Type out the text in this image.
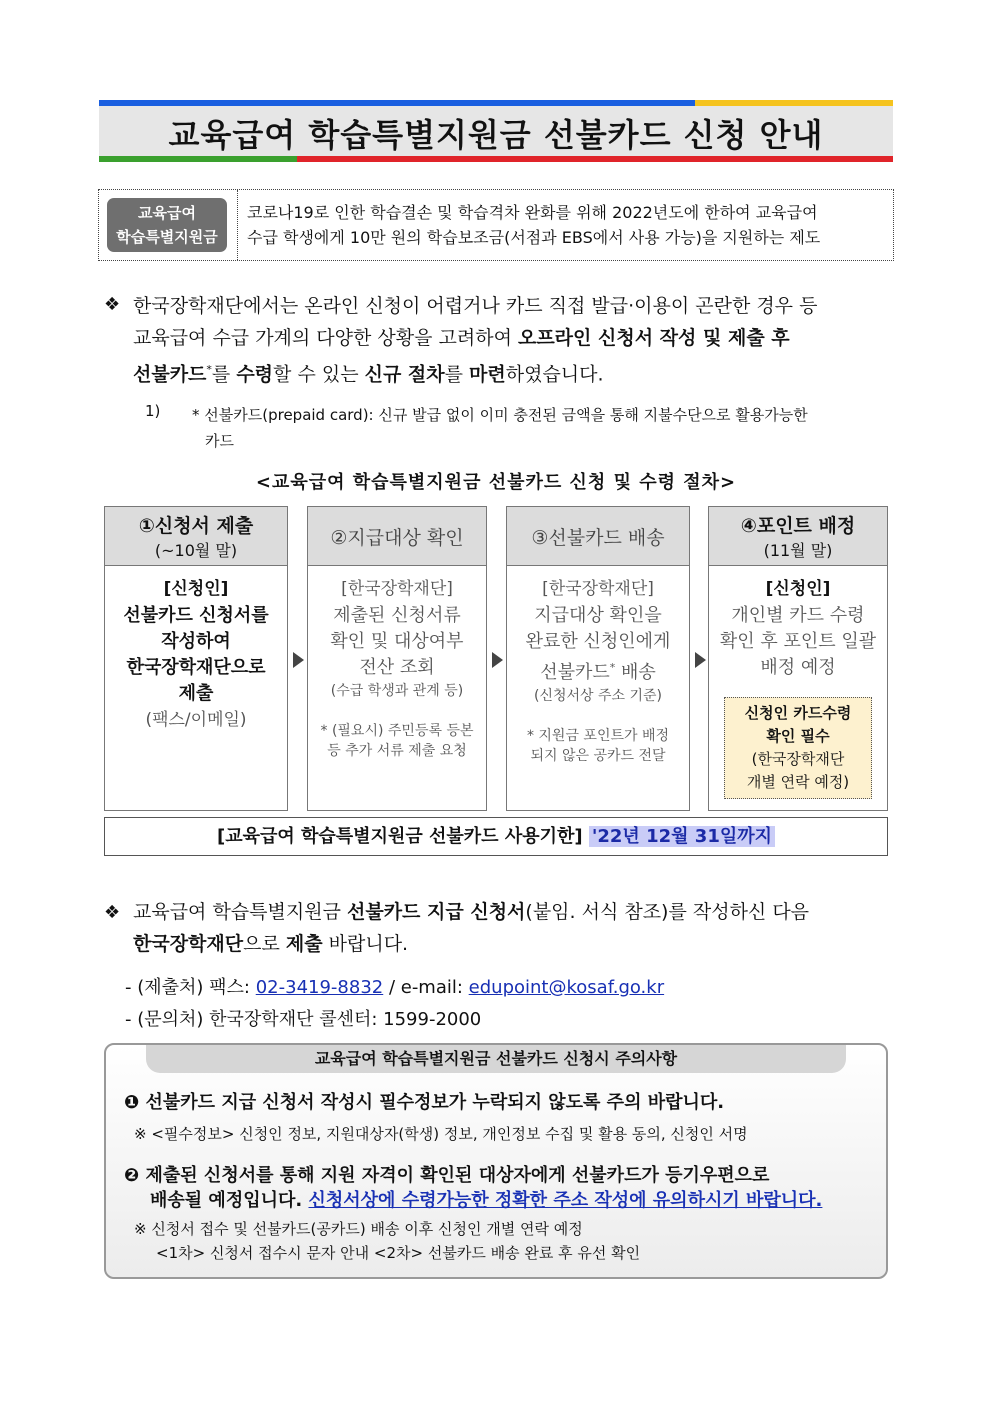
교육급여 학습특별지원금 선불카드 신청 안내
교육급여
학습특별지원금
코로나19로 인한 학습결손 및 학습격차 완화를 위해 2022년도에 한하여 교육급여
수급 학생에게 10만 원의 학습보조금(서점과 EBS에서 사용 가능)을 지원하는 제도
❖ 한국장학재단에서는 온라인 신청이 어렵거나 카드 직접 발급·이용이 곤란한 경우 등
교육급여 수급 가계의 다양한 상황을 고려하여 오프라인 신청서 작성 및 제출 후
선불카드*를 수령할 수 있는 신규 절차를 마련하였습니다.
1) * 선불카드(prepaid card): 신규 발급 없이 이미 충전된 금액을 통해 지불수단으로 활용가능한
카드
<교육급여 학습특별지원금 선불카드 신청 및 수령 절차>
①신청서 제출
(~10월 말)
[신청인]
선불카드 신청서를
작성하여
한국장학재단으로
제출
(팩스/이메일)
②지급대상 확인
[한국장학재단]
제출된 신청서류
확인 및 대상여부
전산 조회
(수급 학생과 관계 등)
* (필요시) 주민등록 등본
등 추가 서류 제출 요청
③선불카드 배송
[한국장학재단]
지급대상 확인을
완료한 신청인에게
선불카드* 배송
(신청서상 주소 기준)
* 지원금 포인트가 배정
되지 않은 공카드 전달
④포인트 배정
(11월 말)
[신청인]
개인별 카드 수령
확인 후 포인트 일괄
배정 예정
신청인 카드수령
확인 필수
(한국장학재단
개별 연락 예정)
[교육급여 학습특별지원금 선불카드 사용기한] '22년 12월 31일까지
❖ 교육급여 학습특별지원금 선불카드 지급 신청서(붙임. 서식 참조)를 작성하신 다음
한국장학재단으로 제출 바랍니다.
- (제출처) 팩스: 02-3419-8832 / e-mail: edupoint@kosaf.go.kr
- (문의처) 한국장학재단 콜센터: 1599-2000
교육급여 학습특별지원금 선불카드 신청시 주의사항
❶ 선불카드 지급 신청서 작성시 필수정보가 누락되지 않도록 주의 바랍니다.
※ <필수정보> 신청인 정보, 지원대상자(학생) 정보, 개인정보 수집 및 활용 동의, 신청인 서명
❷ 제출된 신청서를 통해 지원 자격이 확인된 대상자에게 선불카드가 등기우편으로
배송될 예정입니다. 신청서상에 수령가능한 정확한 주소 작성에 유의하시기 바랍니다.
※ 신청서 접수 및 선불카드(공카드) 배송 이후 신청인 개별 연락 예정
<1차> 신청서 접수시 문자 안내 <2차> 선불카드 배송 완료 후 유선 확인
